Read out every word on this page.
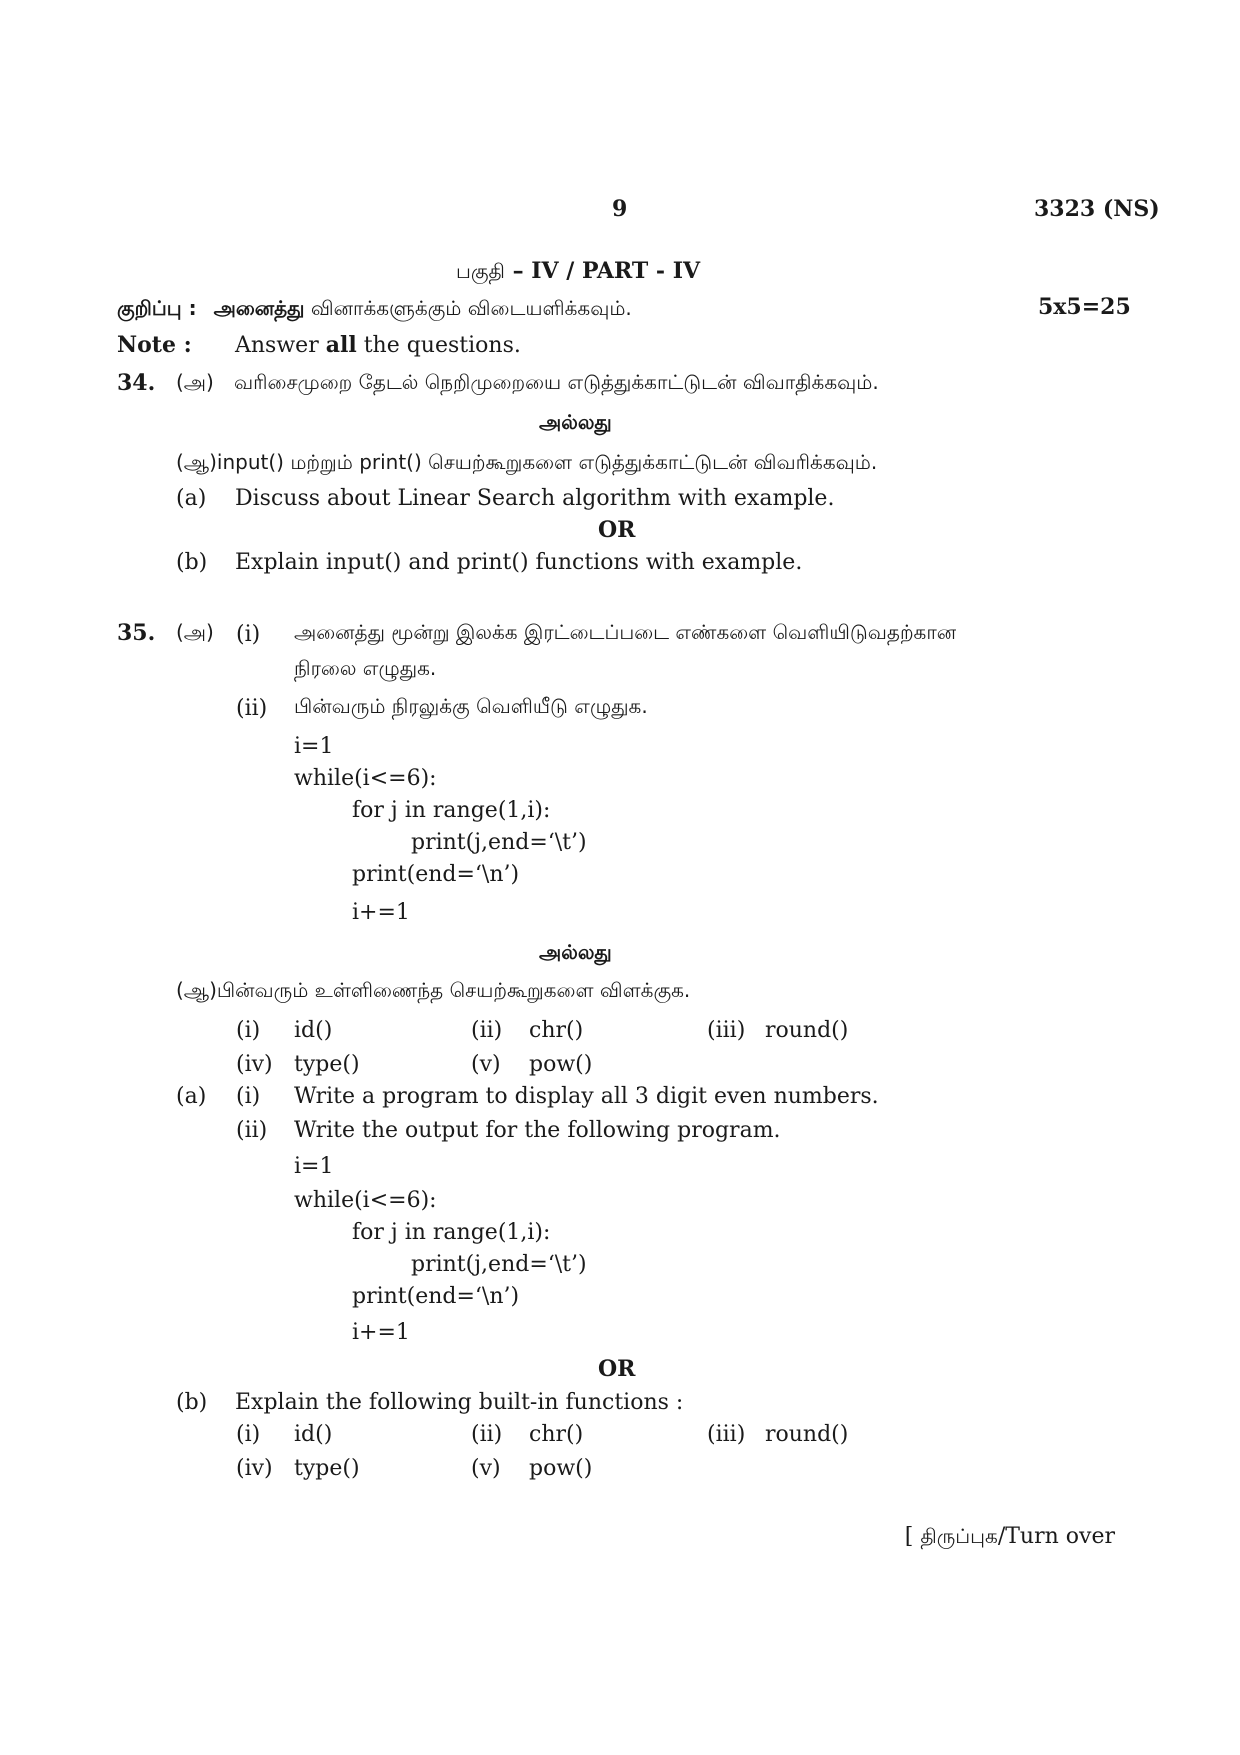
9	3323 (NS)
பகுதி – IV / PART - IV
5x5=25
குறிப்பு : அனைத்து வினாக்களுக்கும் விடையளிக்கவும்.
Note : Answer all the questions.
34. (அ) வரிசைமுறை தேடல் நெறிமுறையை எடுத்துக்காட்டுடன் விவாதிக்கவும்.
அல்லது
(ஆ)input() மற்றும் print() செயற்கூறுகளை எடுத்துக்காட்டுடன் விவரிக்கவும்.
(a) Discuss about Linear Search algorithm with example.
OR
(b) Explain input() and print() functions with example.
35. (அ) (i) அனைத்து மூன்று இலக்க இரட்டைப்படை எண்களை வெளியிடுவதற்கான
நிரலை எழுதுக.
(ii) பின்வரும் நிரலுக்கு வெளியீடு எழுதுக.
i=1
while(i<=6):
for j in range(1,i):
print(j,end=‘\t’)
print(end=‘\n’)
i+=1
அல்லது
(ஆ)பின்வரும் உள்ளிணைந்த செயற்கூறுகளை விளக்குக.
(i) id()	(ii) chr()	(iii) round()
(iv) type()	(v) pow()
(a) (i) Write a program to display all 3 digit even numbers.
(ii) Write the output for the following program.
i=1
while(i<=6):
for j in range(1,i):
print(j,end=‘\t’)
print(end=‘\n’)
i+=1
OR
(b) Explain the following built-in functions :
(i) id()	(ii) chr()	(iii) round()
(iv) type()	(v) pow()
[ திருப்புக/Turn over
